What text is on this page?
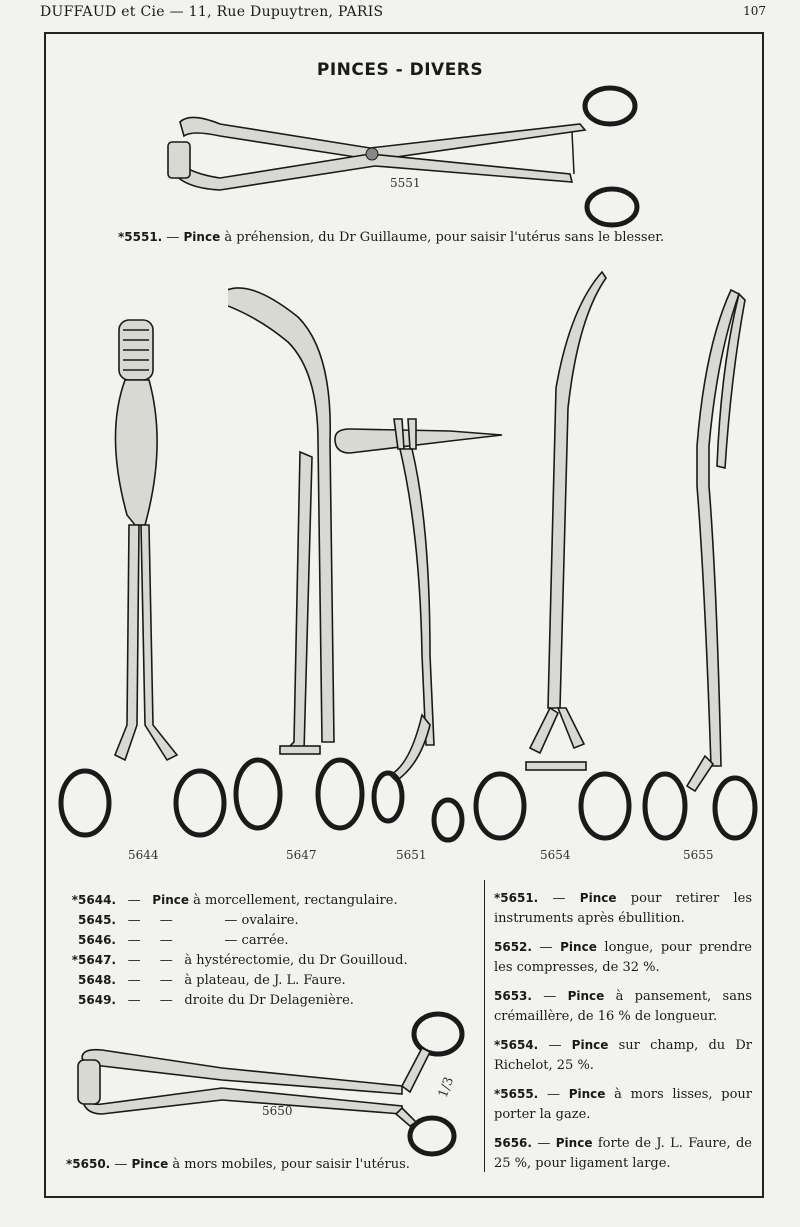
DUFFAUD et Cie — 11, Rue Dupuytren, PARIS	107
PINCES - DIVERS
5551
*5551. — Pince à préhension, du Dr Guillaume, pour saisir l'utérus sans le blesser.
5644	5647	5651	5654	5655
*5644. — Pince à morcellement, rectangulaire.
5645. — —	— ovalaire.
5646. — —	— carrée.
*5647. — — à hystérectomie, du Dr Gouilloud.
5648. — — à plateau, de J. L. Faure.
5649. — — droite du Dr Delagenière.
5650
1/3
*5650. — Pince à mors mobiles, pour saisir l'utérus.
*5651. — Pince pour retirer les instruments après ébullition.
5652. — Pince longue, pour prendre les compresses, de 32 %.
5653. — Pince à pansement, sans crémaillère, de 16 % de longueur.
*5654. — Pince sur champ, du Dr Richelot, 25 %.
*5655. — Pince à mors lisses, pour porter la gaze.
5656. — Pince forte de J. L. Faure, de 25 %, pour ligament large.
